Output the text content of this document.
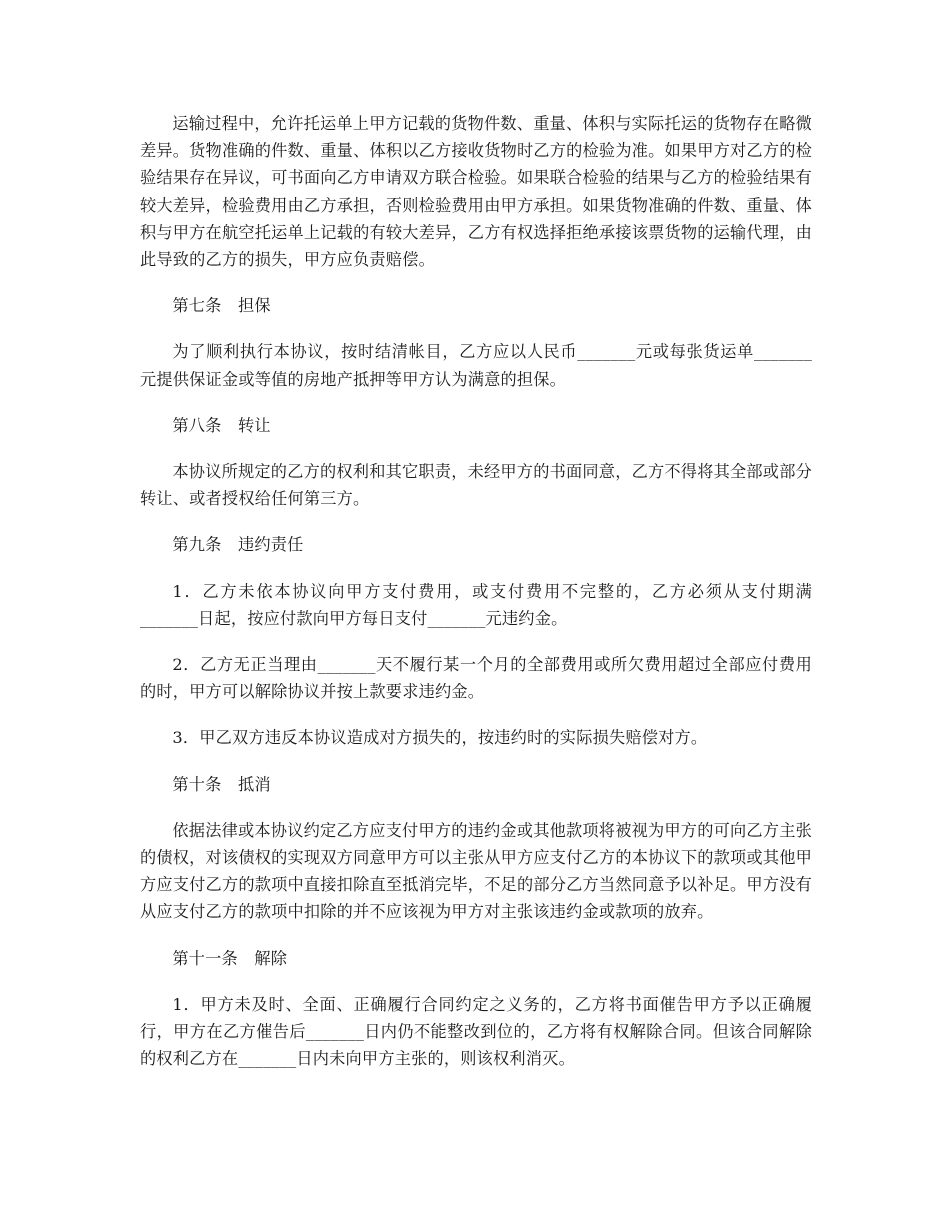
运输过程中，允许托运单上甲方记载的货物件数、重量、体积与实际托运的货物存在略微差异。货物准确的件数、重量、体积以乙方接收货物时乙方的检验为准。如果甲方对乙方的检验结果存在异议，可书面向乙方申请双方联合检验。如果联合检验的结果与乙方的检验结果有较大差异，检验费用由乙方承担，否则检验费用由甲方承担。如果货物准确的件数、重量、体积与甲方在航空托运单上记载的有较大差异，乙方有权选择拒绝承接该票货物的运输代理，由此导致的乙方的损失，甲方应负责赔偿。

第七条　担保

为了顺利执行本协议，按时结清帐目，乙方应以人民币_______元或每张货运单_______元提供保证金或等值的房地产抵押等甲方认为满意的担保。

第八条　转让

本协议所规定的乙方的权利和其它职责，未经甲方的书面同意，乙方不得将其全部或部分转让、或者授权给任何第三方。

第九条　违约责任

1．乙方未依本协议向甲方支付费用，或支付费用不完整的，乙方必须从支付期满_______日起，按应付款向甲方每日支付_______元违约金。

2．乙方无正当理由_______天不履行某一个月的全部费用或所欠费用超过全部应付费用的时，甲方可以解除协议并按上款要求违约金。

3．甲乙双方违反本协议造成对方损失的，按违约时的实际损失赔偿对方。

第十条　抵消

依据法律或本协议约定乙方应支付甲方的违约金或其他款项将被视为甲方的可向乙方主张的债权，对该债权的实现双方同意甲方可以主张从甲方应支付乙方的本协议下的款项或其他甲方应支付乙方的款项中直接扣除直至抵消完毕，不足的部分乙方当然同意予以补足。甲方没有从应支付乙方的款项中扣除的并不应该视为甲方对主张该违约金或款项的放弃。

第十一条　解除

1．甲方未及时、全面、正确履行合同约定之义务的，乙方将书面催告甲方予以正确履行，甲方在乙方催告后_______日内仍不能整改到位的，乙方将有权解除合同。但该合同解除的权利乙方在_______日内未向甲方主张的，则该权利消灭。
